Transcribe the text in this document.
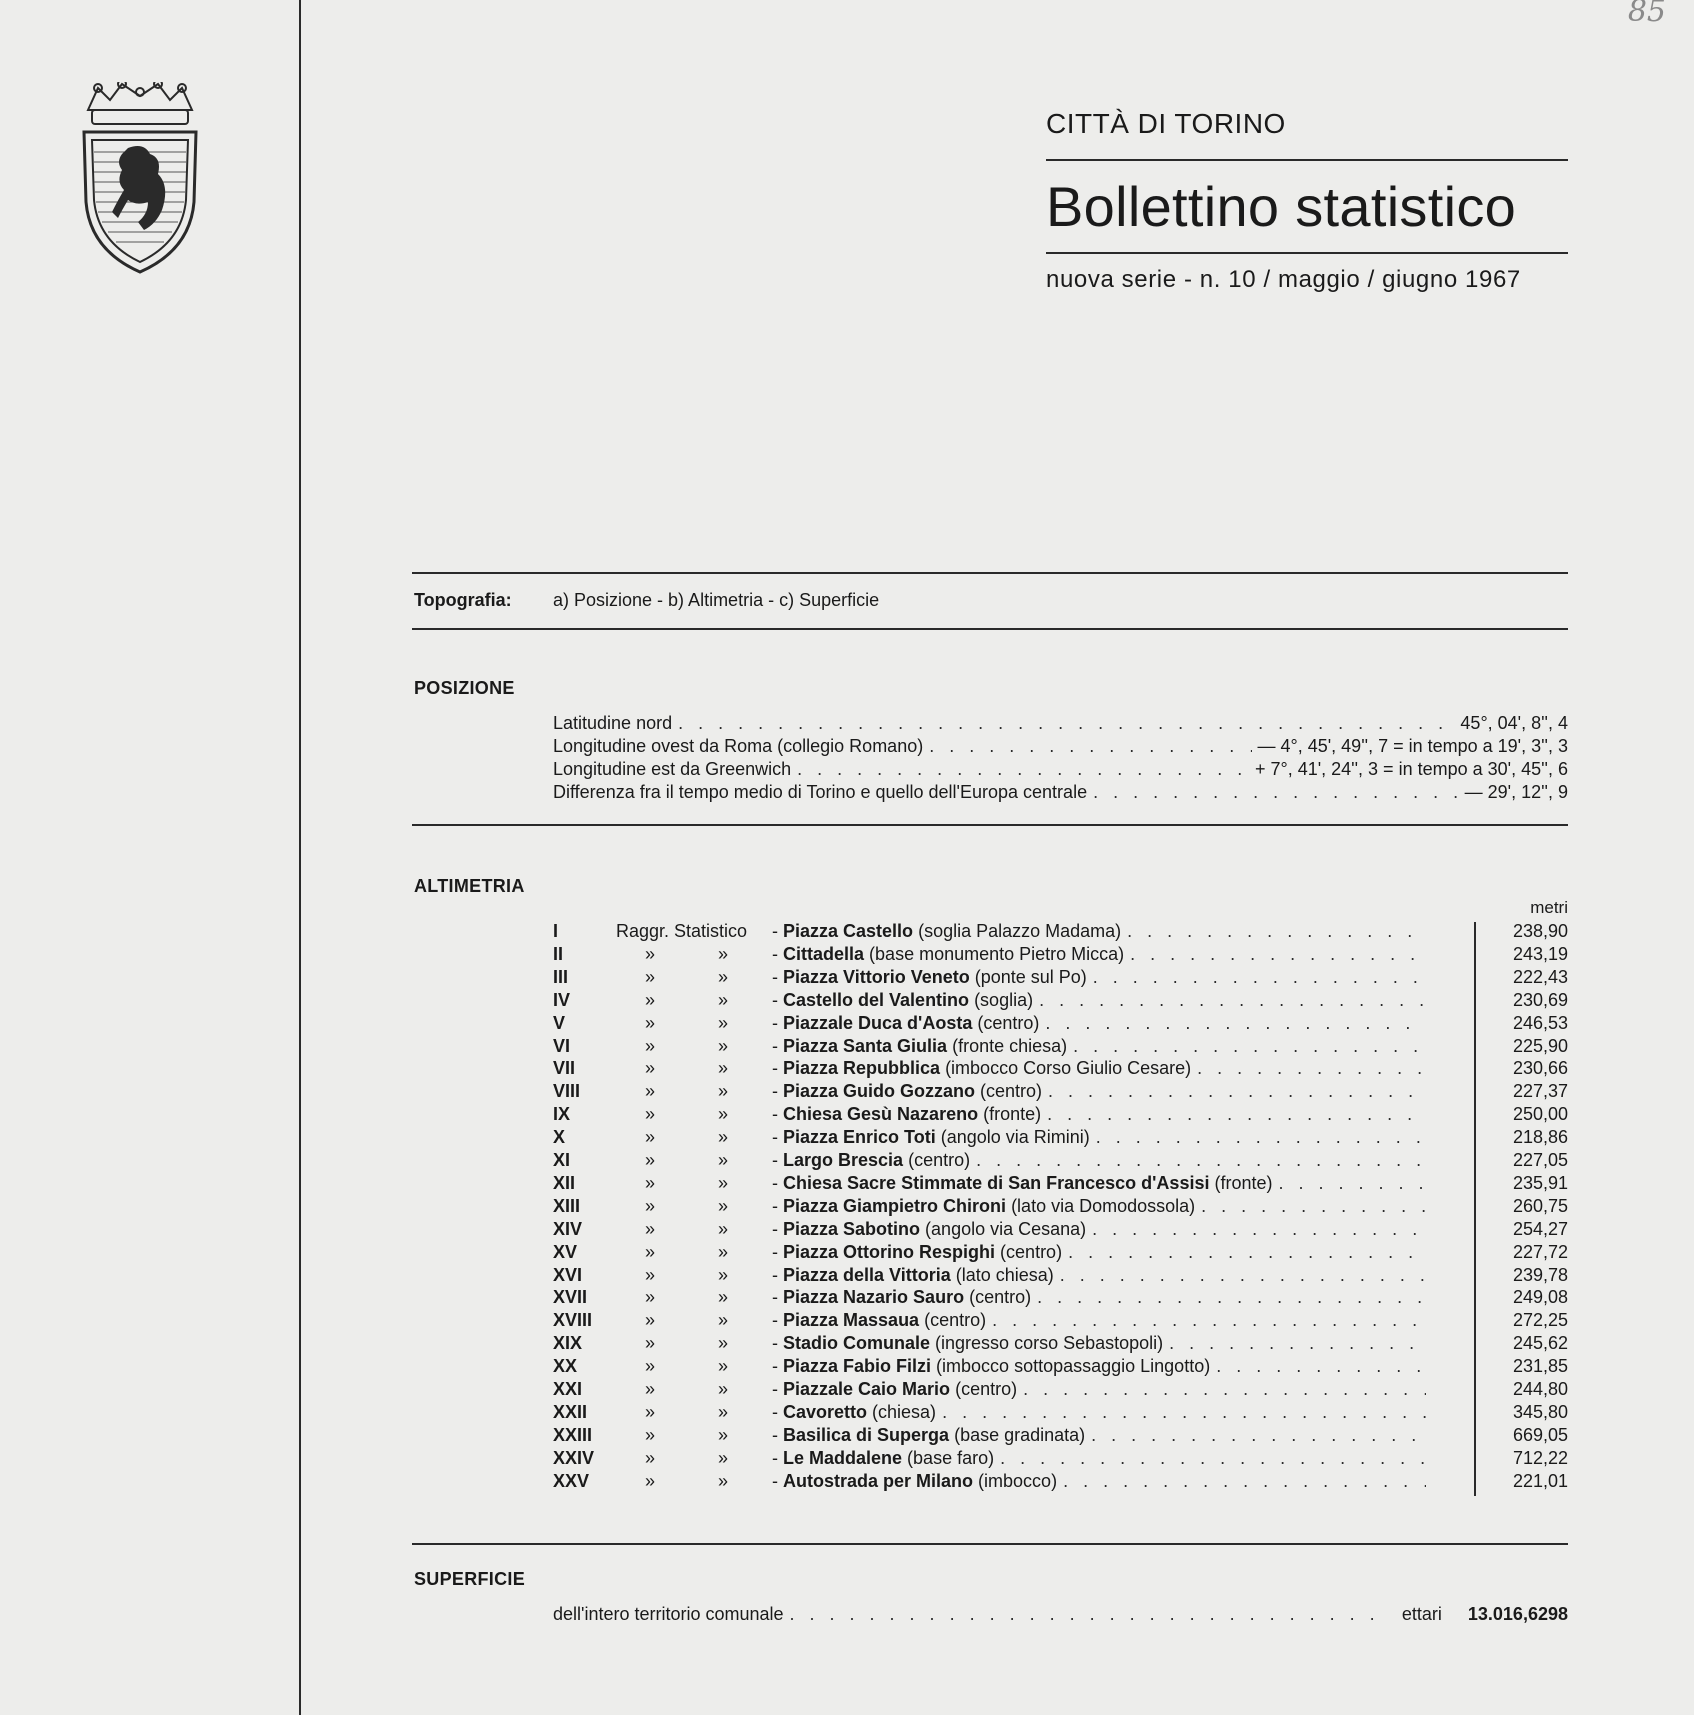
85
CITTÀ DI TORINO
Bollettino statistico
nuova serie - n. 10 / maggio / giugno 1967
Topografia: a) Posizione - b) Altimetria - c) Superficie
POSIZIONE
Latitudine nord . . .	45°, 04', 8'', 4
Longitudine ovest da Roma (collegio Romano) . . .	— 4°, 45', 49'', 7 = in tempo a 19', 3'', 3
Longitudine est da Greenwich . . .	+ 7°, 41', 24'', 3 = in tempo a 30', 45'', 6
Differenza fra il tempo medio di Torino e quello dell'Europa centrale . . .	— 29', 12'', 9
ALTIMETRIA
metri
I	Raggr. Statistico	- Piazza Castello (soglia Palazzo Madama) . . .	238,90
II	»	» - Cittadella (base monumento Pietro Micca) . . .	243,19
III	»	» - Piazza Vittorio Veneto (ponte sul Po) . . .	222,43
IV	»	» - Castello del Valentino (soglia) . . .	230,69
V	»	» - Piazzale Duca d'Aosta (centro) . . .	246,53
VI	»	» - Piazza Santa Giulia (fronte chiesa) . . .	225,90
VII	»	» - Piazza Repubblica (imbocco Corso Giulio Cesare) . . .	230,66
VIII	»	» - Piazza Guido Gozzano (centro) . . .	227,37
IX	»	» - Chiesa Gesù Nazareno (fronte) . . .	250,00
X	»	» - Piazza Enrico Toti (angolo via Rimini) . . .	218,86
XI	»	» - Largo Brescia (centro) . . .	227,05
XII	»	» - Chiesa Sacre Stimmate di San Francesco d'Assisi (fronte) . . .	235,91
XIII	»	» - Piazza Giampietro Chironi (lato via Domodossola) . . .	260,75
XIV	»	» - Piazza Sabotino (angolo via Cesana) . . .	254,27
XV	»	» - Piazza Ottorino Respighi (centro) . . .	227,72
XVI	»	» - Piazza della Vittoria (lato chiesa) . . .	239,78
XVII	»	» - Piazza Nazario Sauro (centro) . . .	249,08
XVIII	»	» - Piazza Massaua (centro) . . .	272,25
XIX	»	» - Stadio Comunale (ingresso corso Sebastopoli) . . .	245,62
XX	»	» - Piazza Fabio Filzi (imbocco sottopassaggio Lingotto) . . .	231,85
XXI	»	» - Piazzale Caio Mario (centro) . . .	244,80
XXII	»	» - Cavoretto (chiesa) . . .	345,80
XXIII	»	» - Basilica di Superga (base gradinata) . . .	669,05
XXIV	»	» - Le Maddalene (base faro) . . .	712,22
XXV	»	» - Autostrada per Milano (imbocco) . . .	221,01
SUPERFICIE
dell'intero territorio comunale . . .	ettari 13.016,6298
